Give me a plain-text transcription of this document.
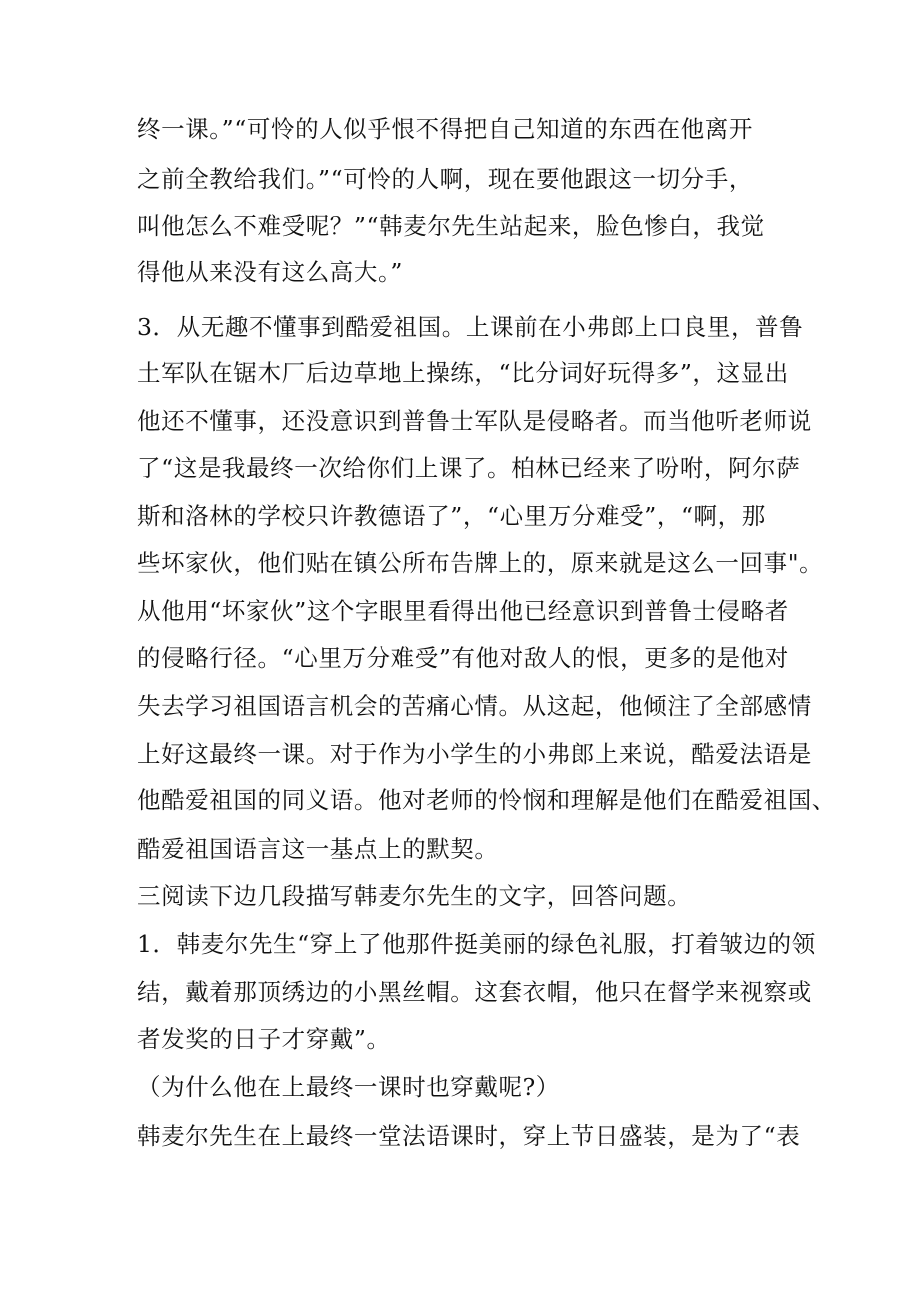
终一课。”“可怜的人似乎恨不得把自己知道的东西在他离开
之前全教给我们。”“可怜的人啊，现在要他跟这一切分手，
叫他怎么不难受呢？”“韩麦尔先生站起来，脸色惨白，我觉
得他从来没有这么高大。”
3．从无趣不懂事到酷爱祖国。上课前在小弗郎上口良里，普鲁
土军队在锯木厂后边草地上操练，“比分词好玩得多”，这显出
他还不懂事，还没意识到普鲁士军队是侵略者。而当他听老师说
了“这是我最终一次给你们上课了。柏林已经来了吩咐，阿尔萨
斯和洛林的学校只许教德语了”，“心里万分难受”，“啊，那
些坏家伙，他们贴在镇公所布告牌上的，原来就是这么一回事"。
从他用“坏家伙”这个字眼里看得出他已经意识到普鲁士侵略者
的侵略行径。“心里万分难受”有他对敌人的恨，更多的是他对
失去学习祖国语言机会的苦痛心情。从这起，他倾注了全部感情
上好这最终一课。对于作为小学生的小弗郎上来说，酷爱法语是
他酷爱祖国的同义语。他对老师的怜悯和理解是他们在酷爱祖国、
酷爱祖国语言这一基点上的默契。
三阅读下边几段描写韩麦尔先生的文字，回答问题。
1．韩麦尔先生“穿上了他那件挺美丽的绿色礼服，打着皱边的领
结，戴着那顶绣边的小黑丝帽。这套衣帽，他只在督学来视察或
者发奖的日子才穿戴”。
（为什么他在上最终一课时也穿戴呢?）
韩麦尔先生在上最终一堂法语课时，穿上节日盛装，是为了“表
